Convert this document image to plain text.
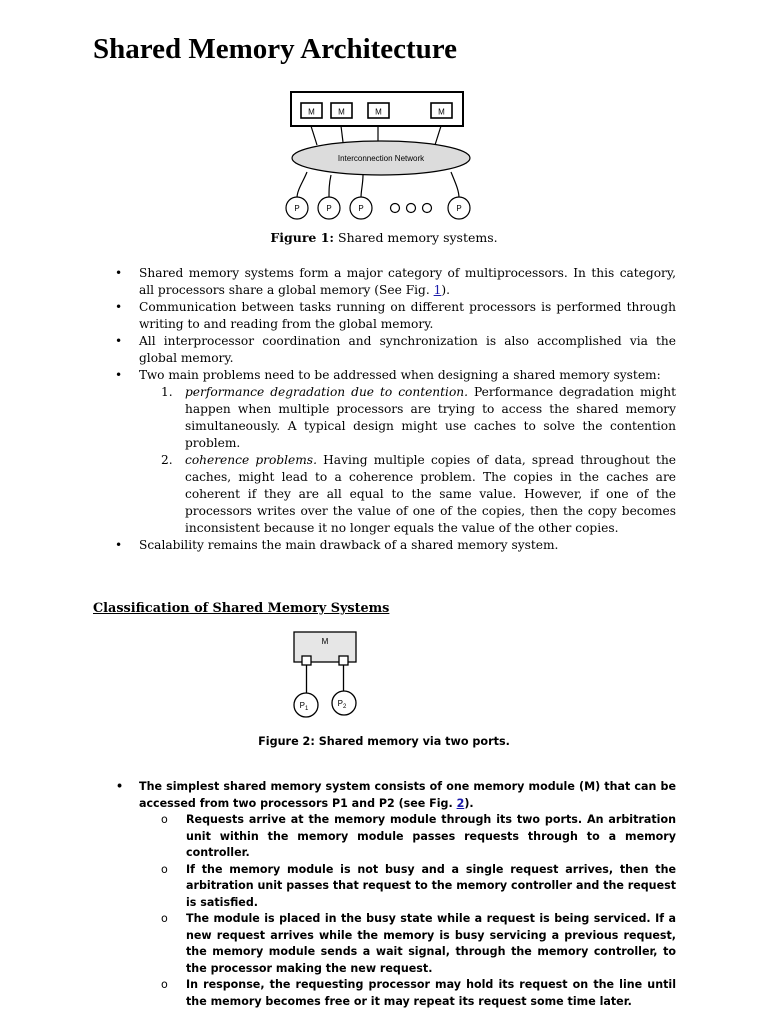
Shared Memory Architecture
M	M	M	M
Interconnection Network
P	P	P	P
Figure 1: Shared memory systems.
• Shared memory systems form a major category of multiprocessors. In this category, all processors share a global memory (See Fig. 1).
• Communication between tasks running on different processors is performed through writing to and reading from the global memory.
• All interprocessor coordination and synchronization is also accomplished via the global memory.
• Two main problems need to be addressed when designing a shared memory system:
1. performance degradation due to contention. Performance degradation might happen when multiple processors are trying to access the shared memory simultaneously. A typical design might use caches to solve the contention problem.
2. coherence problems. Having multiple copies of data, spread throughout the caches, might lead to a coherence problem. The copies in the caches are coherent if they are all equal to the same value. However, if one of the processors writes over the value of one of the copies, then the copy becomes inconsistent because it no longer equals the value of the other copies.
• Scalability remains the main drawback of a shared memory system.
Classification of Shared Memory Systems
M
$P_1$
$P_2$
Figure 2: Shared memory via two ports.
• The simplest shared memory system consists of one memory module (M) that can be accessed from two processors P1 and P2 (see Fig. 2).
o Requests arrive at the memory module through its two ports. An arbitration unit within the memory module passes requests through to a memory controller.
o If the memory module is not busy and a single request arrives, then the arbitration unit passes that request to the memory controller and the request is satisfied.
o The module is placed in the busy state while a request is being serviced. If a new request arrives while the memory is busy servicing a previous request, the memory module sends a wait signal, through the memory controller, to the processor making the new request.
o In response, the requesting processor may hold its request on the line until the memory becomes free or it may repeat its request some time later.
